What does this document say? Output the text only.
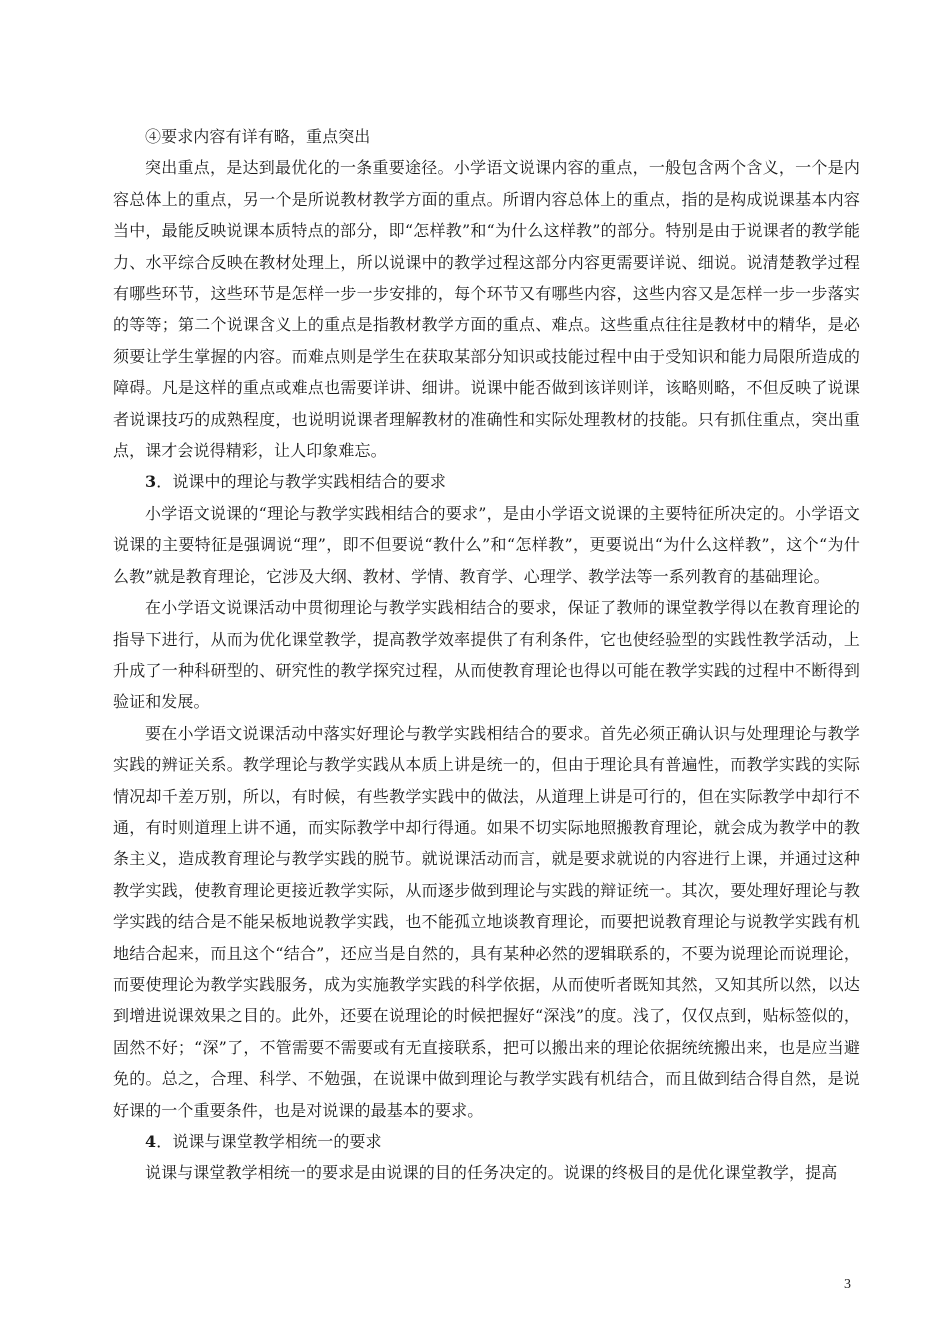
④要求内容有详有略，重点突出

突出重点，是达到最优化的一条重要途径。小学语文说课内容的重点，一般包含两个含义，一个是内容总体上的重点，另一个是所说教材教学方面的重点。所谓内容总体上的重点，指的是构成说课基本内容当中，最能反映说课本质特点的部分，即“怎样教”和“为什么这样教”的部分。特别是由于说课者的教学能力、水平综合反映在教材处理上，所以说课中的教学过程这部分内容更需要详说、细说。说清楚教学过程有哪些环节，这些环节是怎样一步一步安排的，每个环节又有哪些内容，这些内容又是怎样一步一步落实的等等；第二个说课含义上的重点是指教材教学方面的重点、难点。这些重点往往是教材中的精华，是必须要让学生掌握的内容。而难点则是学生在获取某部分知识或技能过程中由于受知识和能力局限所造成的障碍。凡是这样的重点或难点也需要详讲、细讲。说课中能否做到该详则详，该略则略，不但反映了说课者说课技巧的成熟程度，也说明说课者理解教材的准确性和实际处理教材的技能。只有抓住重点，突出重点，课才会说得精彩，让人印象难忘。

3．说课中的理论与教学实践相结合的要求

小学语文说课的“理论与教学实践相结合的要求”，是由小学语文说课的主要特征所决定的。小学语文说课的主要特征是强调说“理”，即不但要说“教什么”和“怎样教”，更要说出“为什么这样教”，这个“为什么教”就是教育理论，它涉及大纲、教材、学情、教育学、心理学、教学法等一系列教育的基础理论。

在小学语文说课活动中贯彻理论与教学实践相结合的要求，保证了教师的课堂教学得以在教育理论的指导下进行，从而为优化课堂教学，提高教学效率提供了有利条件，它也使经验型的实践性教学活动，上升成了一种科研型的、研究性的教学探究过程，从而使教育理论也得以可能在教学实践的过程中不断得到验证和发展。

要在小学语文说课活动中落实好理论与教学实践相结合的要求。首先必须正确认识与处理理论与教学实践的辨证关系。教学理论与教学实践从本质上讲是统一的，但由于理论具有普遍性，而教学实践的实际情况却千差万别，所以，有时候，有些教学实践中的做法，从道理上讲是可行的，但在实际教学中却行不通，有时则道理上讲不通，而实际教学中却行得通。如果不切实际地照搬教育理论，就会成为教学中的教条主义，造成教育理论与教学实践的脱节。就说课活动而言，就是要求就说的内容进行上课，并通过这种教学实践，使教育理论更接近教学实际，从而逐步做到理论与实践的辩证统一。其次，要处理好理论与教学实践的结合是不能呆板地说教学实践，也不能孤立地谈教育理论，而要把说教育理论与说教学实践有机地结合起来，而且这个“结合”，还应当是自然的，具有某种必然的逻辑联系的，不要为说理论而说理论，而要使理论为教学实践服务，成为实施教学实践的科学依据，从而使听者既知其然，又知其所以然，以达到增进说课效果之目的。此外，还要在说理论的时候把握好“深浅”的度。浅了，仅仅点到，贴标签似的，固然不好；“深”了，不管需要不需要或有无直接联系，把可以搬出来的理论依据统统搬出来，也是应当避免的。总之，合理、科学、不勉强，在说课中做到理论与教学实践有机结合，而且做到结合得自然，是说好课的一个重要条件，也是对说课的最基本的要求。

4．说课与课堂教学相统一的要求

说课与课堂教学相统一的要求是由说课的目的任务决定的。说课的终极目的是优化课堂教学，提高

3
